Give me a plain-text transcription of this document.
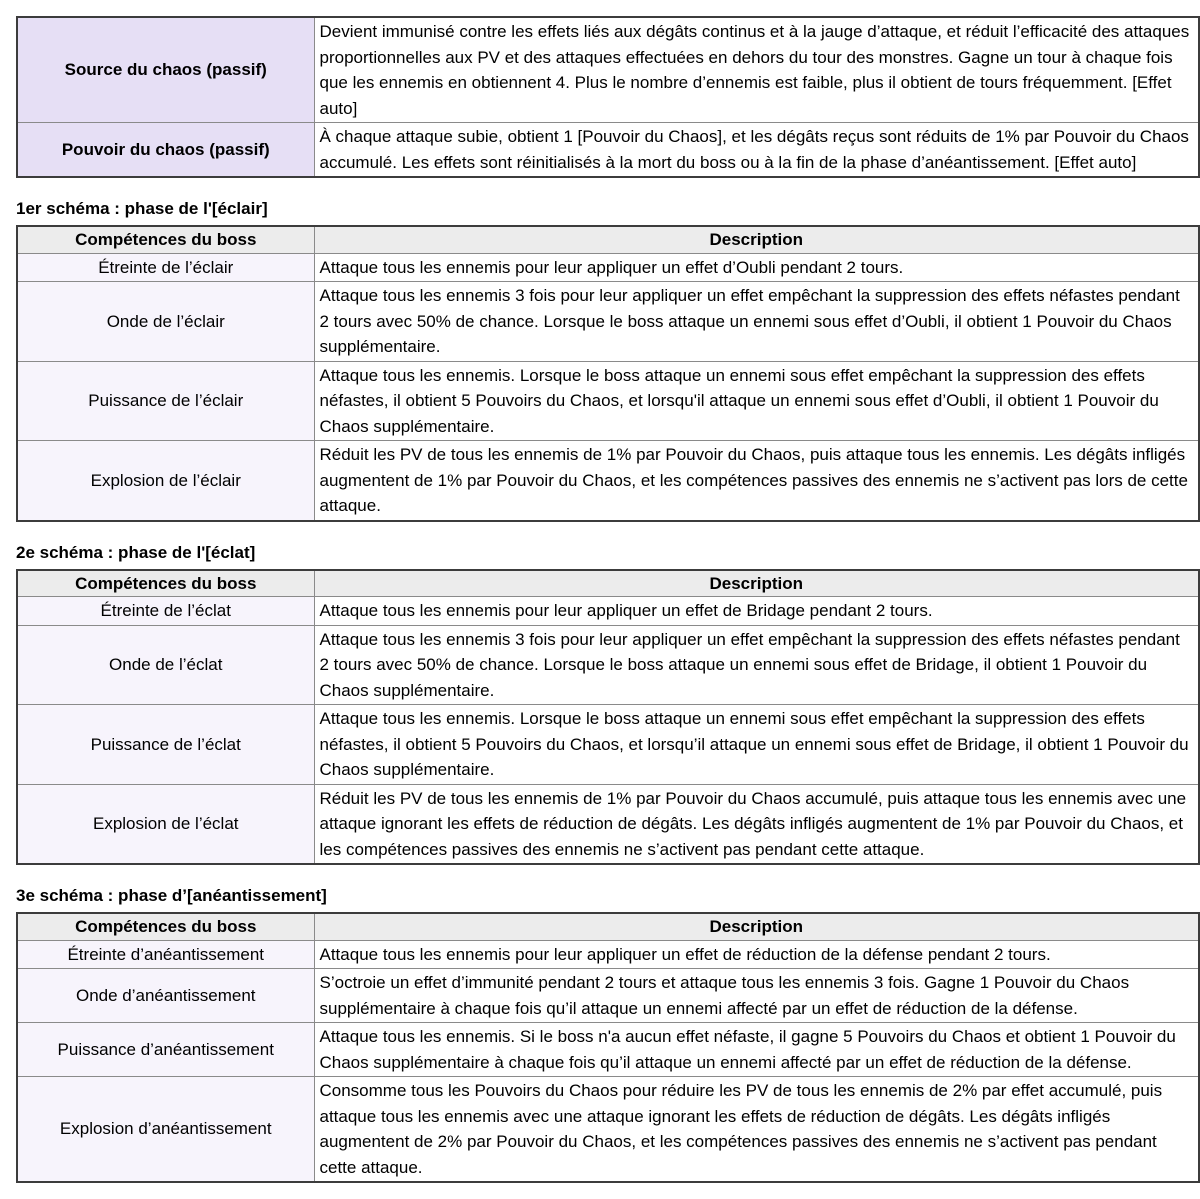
Source du chaos (passif)	Devient immunisé contre les effets liés aux dégâts continus et à la jauge d’attaque, et réduit l’efficacité des attaques proportionnelles aux PV et des attaques effectuées en dehors du tour des monstres. Gagne un tour à chaque fois que les ennemis en obtiennent 4. Plus le nombre d’ennemis est faible, plus il obtient de tours fréquemment. [Effet auto]
Pouvoir du chaos (passif)	À chaque attaque subie, obtient 1 [Pouvoir du Chaos], et les dégâts reçus sont réduits de 1% par Pouvoir du Chaos accumulé. Les effets sont réinitialisés à la mort du boss ou à la fin de la phase d’anéantissement. [Effet auto]
1er schéma : phase de l'[éclair]
Compétences du boss	Description
Étreinte de l’éclair	Attaque tous les ennemis pour leur appliquer un effet d’Oubli pendant 2 tours.
Onde de l’éclair	Attaque tous les ennemis 3 fois pour leur appliquer un effet empêchant la suppression des effets néfastes pendant 2 tours avec 50% de chance. Lorsque le boss attaque un ennemi sous effet d’Oubli, il obtient 1 Pouvoir du Chaos supplémentaire.
Puissance de l’éclair	Attaque tous les ennemis. Lorsque le boss attaque un ennemi sous effet empêchant la suppression des effets néfastes, il obtient 5 Pouvoirs du Chaos, et lorsqu'il attaque un ennemi sous effet d’Oubli, il obtient 1 Pouvoir du Chaos supplémentaire.
Explosion de l’éclair	Réduit les PV de tous les ennemis de 1% par Pouvoir du Chaos, puis attaque tous les ennemis. Les dégâts infligés augmentent de 1% par Pouvoir du Chaos, et les compétences passives des ennemis ne s’activent pas lors de cette attaque.
2e schéma : phase de l'[éclat]
Compétences du boss	Description
Étreinte de l’éclat	Attaque tous les ennemis pour leur appliquer un effet de Bridage pendant 2 tours.
Onde de l’éclat	Attaque tous les ennemis 3 fois pour leur appliquer un effet empêchant la suppression des effets néfastes pendant 2 tours avec 50% de chance. Lorsque le boss attaque un ennemi sous effet de Bridage, il obtient 1 Pouvoir du Chaos supplémentaire.
Puissance de l’éclat	Attaque tous les ennemis. Lorsque le boss attaque un ennemi sous effet empêchant la suppression des effets néfastes, il obtient 5 Pouvoirs du Chaos, et lorsqu’il attaque un ennemi sous effet de Bridage, il obtient 1 Pouvoir du Chaos supplémentaire.
Explosion de l’éclat	Réduit les PV de tous les ennemis de 1% par Pouvoir du Chaos accumulé, puis attaque tous les ennemis avec une attaque ignorant les effets de réduction de dégâts. Les dégâts infligés augmentent de 1% par Pouvoir du Chaos, et les compétences passives des ennemis ne s’activent pas pendant cette attaque.
3e schéma : phase d’[anéantissement]
Compétences du boss	Description
Étreinte d’anéantissement	Attaque tous les ennemis pour leur appliquer un effet de réduction de la défense pendant 2 tours.
Onde d’anéantissement	S’octroie un effet d’immunité pendant 2 tours et attaque tous les ennemis 3 fois. Gagne 1 Pouvoir du Chaos supplémentaire à chaque fois qu’il attaque un ennemi affecté par un effet de réduction de la défense.
Puissance d’anéantissement	Attaque tous les ennemis. Si le boss n'a aucun effet néfaste, il gagne 5 Pouvoirs du Chaos et obtient 1 Pouvoir du Chaos supplémentaire à chaque fois qu’il attaque un ennemi affecté par un effet de réduction de la défense.
Explosion d’anéantissement	Consomme tous les Pouvoirs du Chaos pour réduire les PV de tous les ennemis de 2% par effet accumulé, puis attaque tous les ennemis avec une attaque ignorant les effets de réduction de dégâts. Les dégâts infligés augmentent de 2% par Pouvoir du Chaos, et les compétences passives des ennemis ne s’activent pas pendant cette attaque.
